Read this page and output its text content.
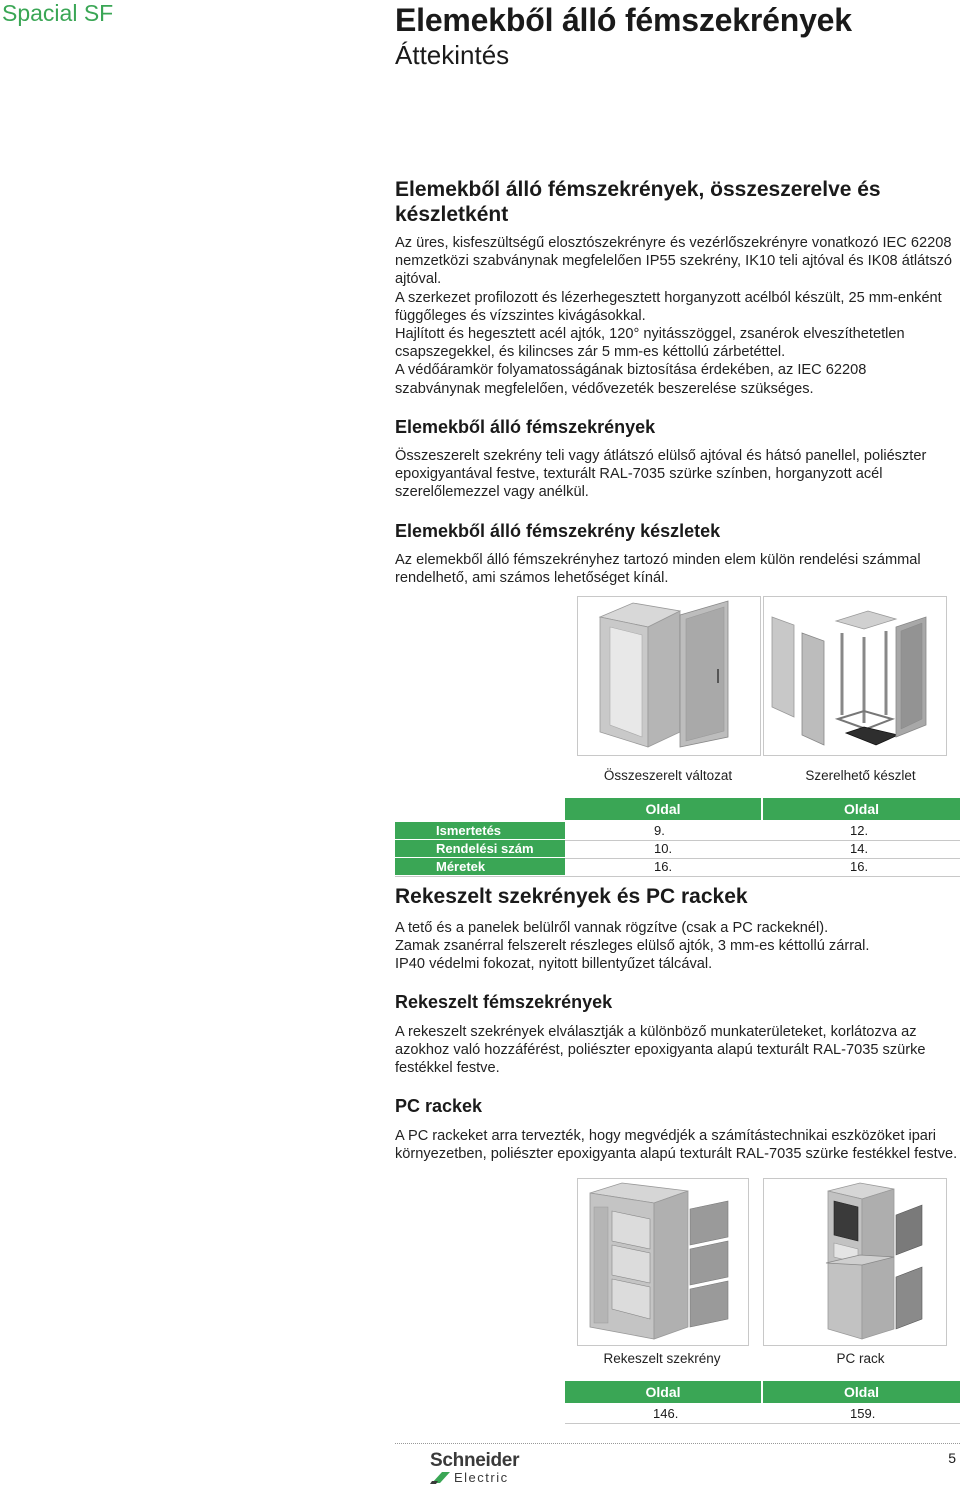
Spacial SF	Elemekből álló fémszekrények
Áttekintés
Elemekből álló fémszekrények, összeszerelve és
készletként

Az üres, kisfeszültségű elosztószekrényre és vezérlőszekrényre vonatkozó IEC 62208 nemzetközi szabványnak megfelelően IP55 szekrény, IK10 teli ajtóval és IK08 átlátszó ajtóval.

A szerkezet profilozott és lézerhegesztett horganyzott acélból készült, 25 mm-enként függőleges és vízszintes kivágásokkal.

Hajlított és hegesztett acél ajtók, 120° nyitásszöggel, zsanérok elveszíthetetlen csapszegekkel, és kilincses zár 5 mm-es kéttollú zárbetéttel.

A védőáramkör folyamatosságának biztosítása érdekében, az IEC 62208 szabványnak megfelelően, védővezeték beszerelése szükséges.

Elemekből álló fémszekrények

Összeszerelt szekrény teli vagy átlátszó elülső ajtóval és hátsó panellel, poliészter epoxigyantával festve, texturált RAL-7035 szürke színben, horganyzott acél szerelőlemezzel vagy anélkül.

Elemekből álló fémszekrény készletek

Az elemekből álló fémszekrényhez tartozó minden elem külön rendelési számmal rendelhető, ami számos lehetőséget kínál.

Összeszerelt változat	Szerelhető készlet
Oldal	Oldal
Ismertetés	9.	12.
Rendelési szám	10.	14.
Méretek	16.	16.
Rekeszelt szekrények és PC rackek

A tető és a panelek belülről vannak rögzítve (csak a PC rackeknél).

Zamak zsanérral felszerelt részleges elülső ajtók, 3 mm-es kéttollú zárral.

IP40 védelmi fokozat, nyitott billentyűzet tálcával.

Rekeszelt fémszekrények

A rekeszelt szekrények elválasztják a különböző munkaterületeket, korlátozva az azokhoz való hozzáférést, poliészter epoxigyanta alapú texturált RAL-7035 szürke festékkel festve.

PC rackek

A PC rackeket arra tervezték, hogy megvédjék a számítástechnikai eszközöket ipari környezetben, poliészter epoxigyanta alapú texturált RAL-7035 szürke festékkel festve.

Rekeszelt szekrény	PC rack
Oldal	Oldal
146.	159.
Schneider
Electric
5
